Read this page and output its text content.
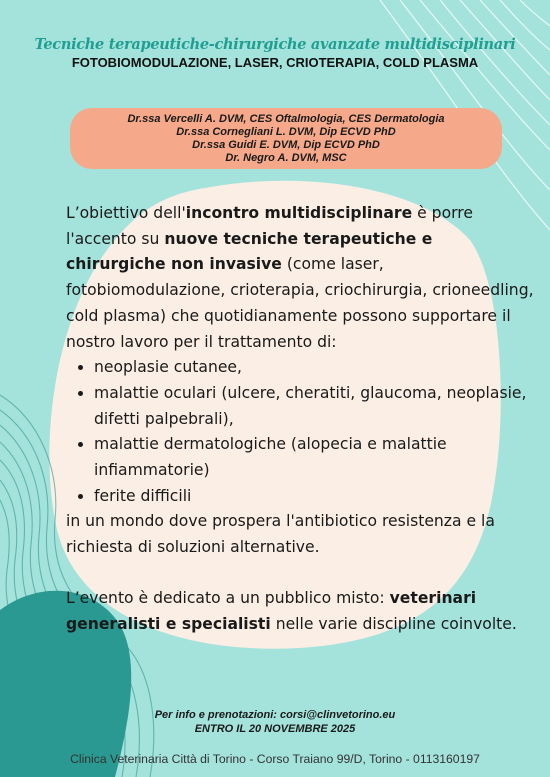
Tecniche terapeutiche-chirurgiche avanzate multidisciplinari
FOTOBIOMODULAZIONE, LASER, CRIOTERAPIA, COLD PLASMA
Dr.ssa Vercelli A. DVM, CES Oftalmologia, CES Dermatologia
Dr.ssa Cornegliani L. DVM, Dip ECVD PhD
Dr.ssa Guidi E. DVM, Dip ECVD PhD
Dr. Negro A. DVM, MSC

L’obiettivo dell'incontro multidisciplinare è porre l'accento su nuove tecniche terapeutiche e chirurgiche non invasive (come laser, fotobiomodulazione, crioterapia, criochirurgia, crioneedling, cold plasma) che quotidianamente possono supportare il nostro lavoro per il trattamento di:

• neoplasie cutanee,
• malattie oculari (ulcere, cheratiti, glaucoma, neoplasie, difetti palpebrali),
• malattie dermatologiche (alopecia e malattie infiammatorie)
• ferite difficili

in un mondo dove prospera l'antibiotico resistenza e la richiesta di soluzioni alternative.

L’evento è dedicato a un pubblico misto: veterinari generalisti e specialisti nelle varie discipline coinvolte.

Per info e prenotazioni: corsi@clinvetorino.eu
ENTRO IL 20 NOVEMBRE 2025
Clinica Veterinaria Città di Torino - Corso Traiano 99/D, Torino - 0113160197
